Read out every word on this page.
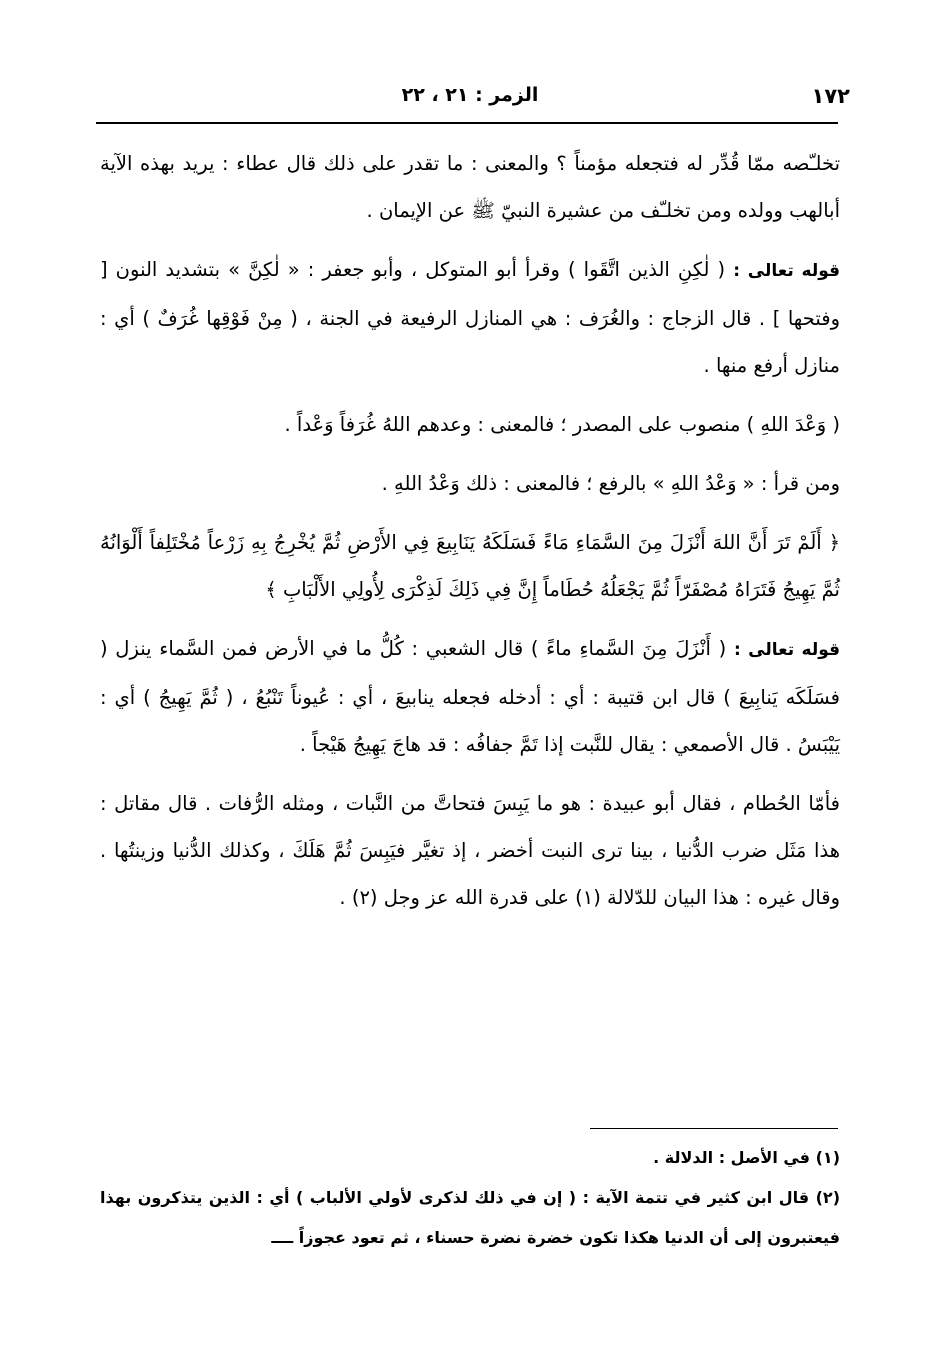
١٧٢
الزمر : ٢١ ، ٢٢

تخلـّصه ممّا قُدِّر له فتجعله مؤمناً ؟ والمعنى : ما تقدر على ذلك قال عطاء : يريد بهذه الآية أبالهب وولده ومن تخلـّف من عشيرة النبيّ ﷺ عن الإيمان .

قوله تعالى : ( لٰكِنِ الذين اتَّقَوا ) وقرأ أبو المتوكل ، وأبو جعفر : « لٰكِنَّ » بتشديد النون [ وفتحها ] . قال الزجاج : والغُرَف : هي المنازل الرفيعة في الجنة ، ( مِنْ فَوْقِها غُرَفٌ ) أي : منازل أرفع منها .

( وَعْدَ اللهِ ) منصوب على المصدر ؛ فالمعنى : وعدهم اللهُ غُرَفاً وَعْداً .

ومن قرأ : « وَعْدُ اللهِ » بالرفع ؛ فالمعنى : ذلك وَعْدُ اللهِ .

﴿ أَلَمْ تَرَ أَنَّ اللهَ أَنْزَلَ مِنَ السَّمَاءِ مَاءً فَسَلَكَهُ يَنَابِيعَ فِي الأَرْضِ ثُمَّ يُخْرِجُ بِهِ زَرْعاً مُخْتَلِفاً أَلْوَانُهُ ثُمَّ يَهِيجُ فَتَرَاهُ مُصْفَرّاً ثُمَّ يَجْعَلُهُ حُطَاماً إِنَّ فِي ذَلِكَ لَذِكْرَى لِأُولِي الأَلْبَابِ ﴾

قوله تعالى : ( أَنْزَلَ مِنَ السَّماءِ ماءً ) قال الشعبي : كُلُّ ما في الأرض فمن السَّماء ينزل ( فسَلَكَه يَنابِيعَ ) قال ابن قتيبة : أي : أدخله فجعله ينابيعَ ، أي : عُيوناً تَنْبُعُ ، ( ثُمَّ يَهِيجُ ) أي : يَيْبَسُ . قال الأصمعي : يقال للنَّبت إذا تَمَّ جفافُه : قد هاجَ يَهِيجُ هَيْجاً .

فأمّا الحُطام ، فقال أبو عبيدة : هو ما يَبِسَ فتحاتَّ من النَّبات ، ومثله الرُّفات . قال مقاتل : هذا مَثَل ضرب الدُّنيا ، بينا ترى النبت أخضر ، إذ تغيَّر فيَبِسَ ثُمَّ هَلَكَ ، وكذلك الدُّنيا وزينتُها . وقال غيره : هذا البيان للدّلالة (١) على قدرة الله عز وجل (٢) .

(١) في الأصل : الدلالة .

(٢) قال ابن كثير في تتمة الآية : ( إن في ذلك لذكرى لأولي الألباب ) أي : الذين يتذكرون بهذا فيعتبرون إلى أن الدنيا هكذا تكون خضرة نضرة حسناء ، ثم تعود عجوزاً ــــ
